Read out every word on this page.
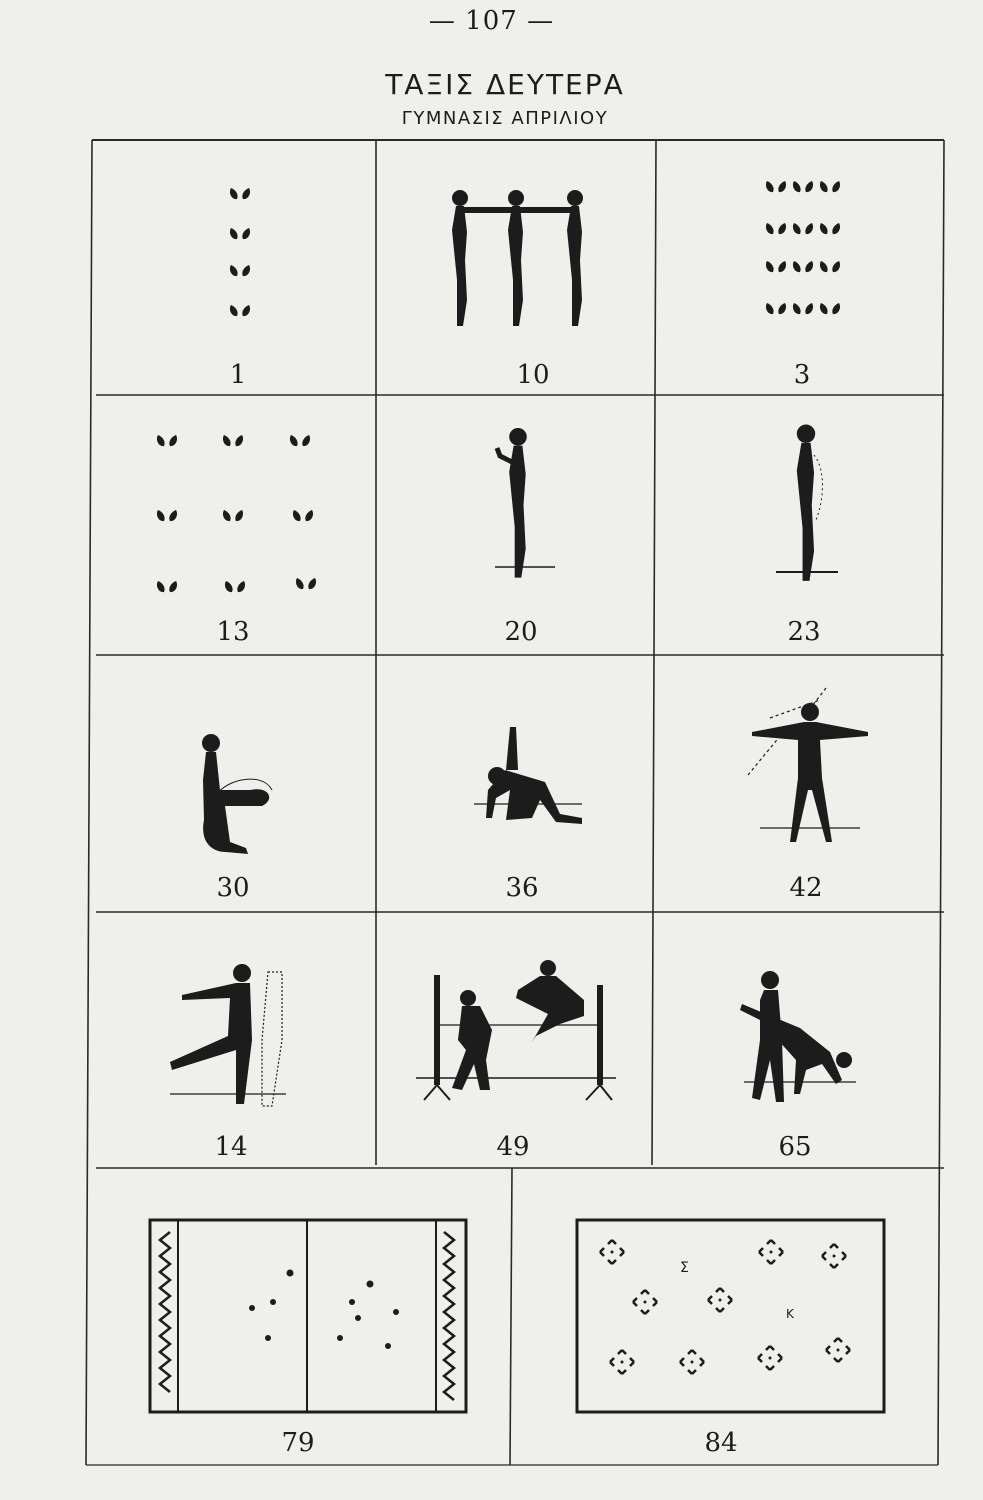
— 107 —
ΤΑΞΙΣ ΔΕΥΤΕΡΑ
ΓΥΜΝΑΣΙΣ ΑΠΡΙΛΙΟΥ
Σ
Κ
1	10	3
13	20	23
30	36	42
14	49	65
79	84
